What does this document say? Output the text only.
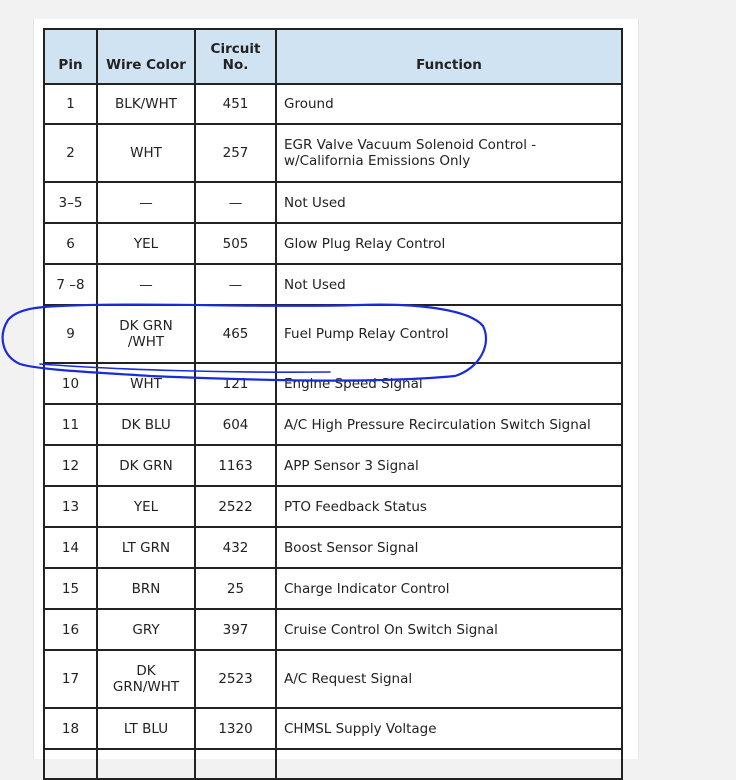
Pin	Wire Color	Circuit No.	Function
1	BLK/WHT	451	Ground
2	WHT	257	EGR Valve Vacuum Solenoid Control - w/California Emissions Only
3–5	—	—	Not Used
6	YEL	505	Glow Plug Relay Control
7 –8	—	—	Not Used
9	DK GRN /WHT	465	Fuel Pump Relay Control
10	WHT	121	Engine Speed Signal
11	DK BLU	604	A/C High Pressure Recirculation Switch Signal
12	DK GRN	1163	APP Sensor 3 Signal
13	YEL	2522	PTO Feedback Status
14	LT GRN	432	Boost Sensor Signal
15	BRN	25	Charge Indicator Control
16	GRY	397	Cruise Control On Switch Signal
17	DK GRN/WHT	2523	A/C Request Signal
18	LT BLU	1320	CHMSL Supply Voltage
